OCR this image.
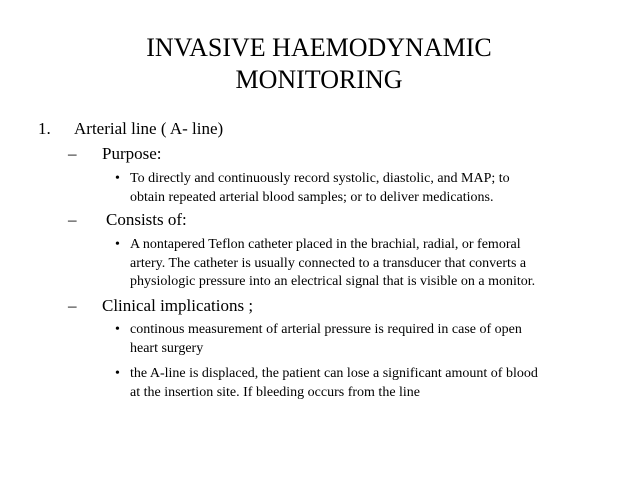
INVASIVE HAEMODYNAMIC
MONITORING
1. Arterial line ( A- line)
– Purpose:
• To directly and continuously record systolic, diastolic, and MAP; to
obtain repeated arterial blood samples; or to deliver medications.
– Consists of:
• A nontapered Teflon catheter placed in the brachial, radial, or femoral
artery. The catheter is usually connected to a transducer that converts a
physiologic pressure into an electrical signal that is visible on a monitor.
– Clinical implications ;
• continous measurement of arterial pressure is required in case of open
heart surgery
• the A-line is displaced, the patient can lose a significant amount of blood
at the insertion site. If bleeding occurs from the line
